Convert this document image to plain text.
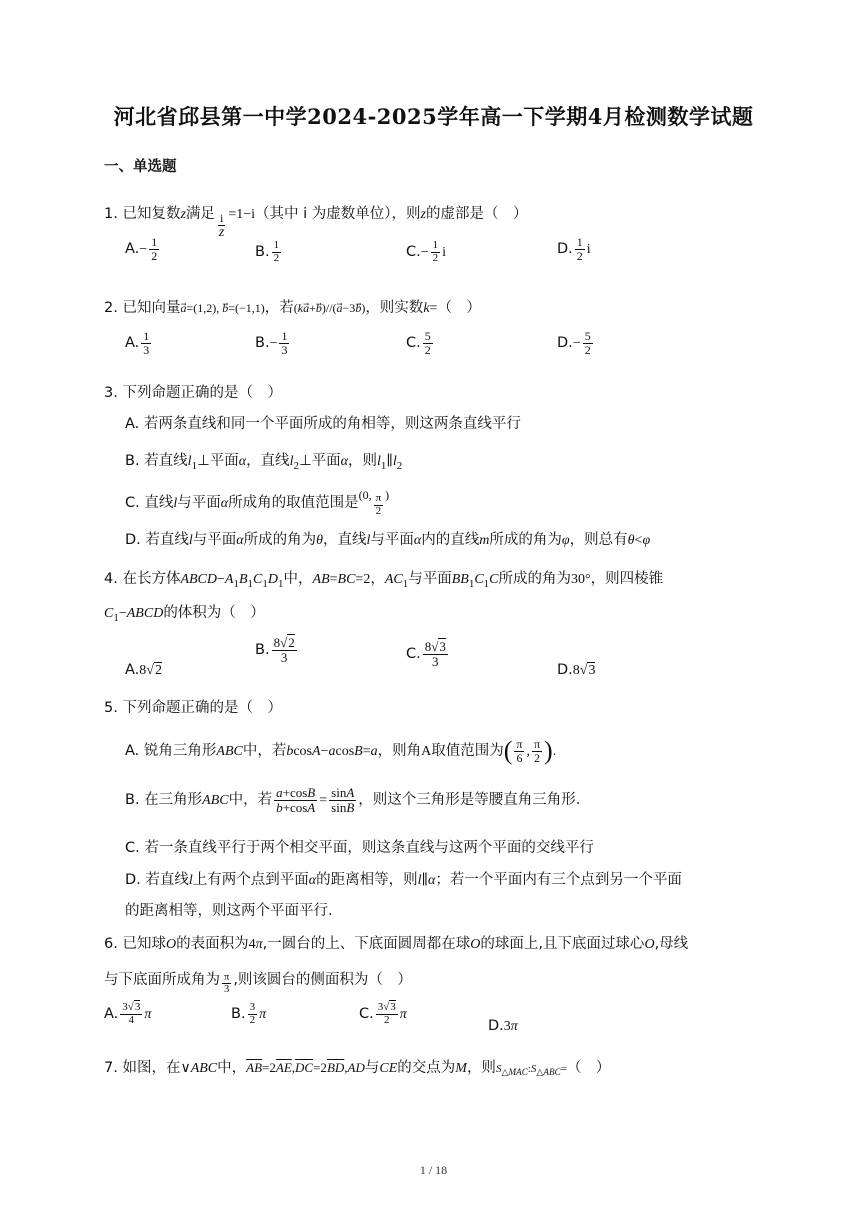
河北省邱县第一中学2024-2025学年高一下学期4月检测数学试题
一、单选题
1. 已知复数z满足 $\frac{i}{z} =1-i$（其中 i 为虚数单位），则z的虚部是（　）
$A.- \frac{1}{2}$	B. $\frac{1}{2}$	$C.- \frac{1}{2}$ i	D. $\frac{1}{2}$ i
2. 已知向量a⃗=(1,2), b⃗=(−1,1)，若(ka⃗+b⃗)//(a⃗−3b⃗)，则实数k=（　）
A. $\frac{1}{3}$	$B.- \frac{1}{3}$	C. $\frac{5}{2}$	$D.- \frac{5}{2}$
3. 下列命题正确的是（　）
A. 若两条直线和同一个平面所成的角相等，则这两条直线平行
B. 若直线$l_1\perp$平面α，直线$l_2\perp$平面α，则$l_1\parallel l_2$
C. 直线l与平面α所成角的取值范围是$^{(0,} \frac{\pi}{2} ^)$
D. 若直线l与平面α所成的角为θ，直线l与平面α内的直线m所成的角为φ，则总有θ<φ
4. 在长方体$ABCD-A_1B_1C_1D_1$中，AB=BC=2，$AC_1$与平面$BB_1C_1C$所成的角为30°，则四棱锥
$C_1-ABCD$的体积为（　）
A.8√2
B. $\frac{8√2}{3}$	C. $\frac{8√3}{3}$
D.8√3
5. 下列命题正确的是（　）
A. 锐角三角形ABC中，若bcosA−acosB=a，则角A取值范围为( $\frac{\pi}{6}$ , $\frac{\pi}{2}$ ).
B. 在三角形ABC中，若 $\frac{a+\cos B}{b+\cos A} = \frac{\sin A}{\sin B}$ ，则这个三角形是等腰直角三角形.
C. 若一条直线平行于两个相交平面，则这条直线与这两个平面的交线平行
D. 若直线l上有两个点到平面α的距离相等，则l∥α；若一个平面内有三个点到另一个平面
的距离相等，则这两个平面平行.
6. 已知球O的表面积为4π,一圆台的上、下底面圆周都在球O的球面上,且下底面过球心O,母线
与下底面所成角为 $\frac{\pi}{3}$ ,则该圆台的侧面积为（　）
A. $\frac{3√3}{4}$ π	B. $\frac{3}{2}$ π	C. $\frac{3√3}{2}$ π
D.3π
7. 如图，在∨ABC中，$\overline{AB}=2\overline{AE},\overline{DC}=2\overline{BD},AD$与CE的交点为M，则$S_{\triangle MAC}:S_{\triangle ABC}=$（　）
1 / 18
